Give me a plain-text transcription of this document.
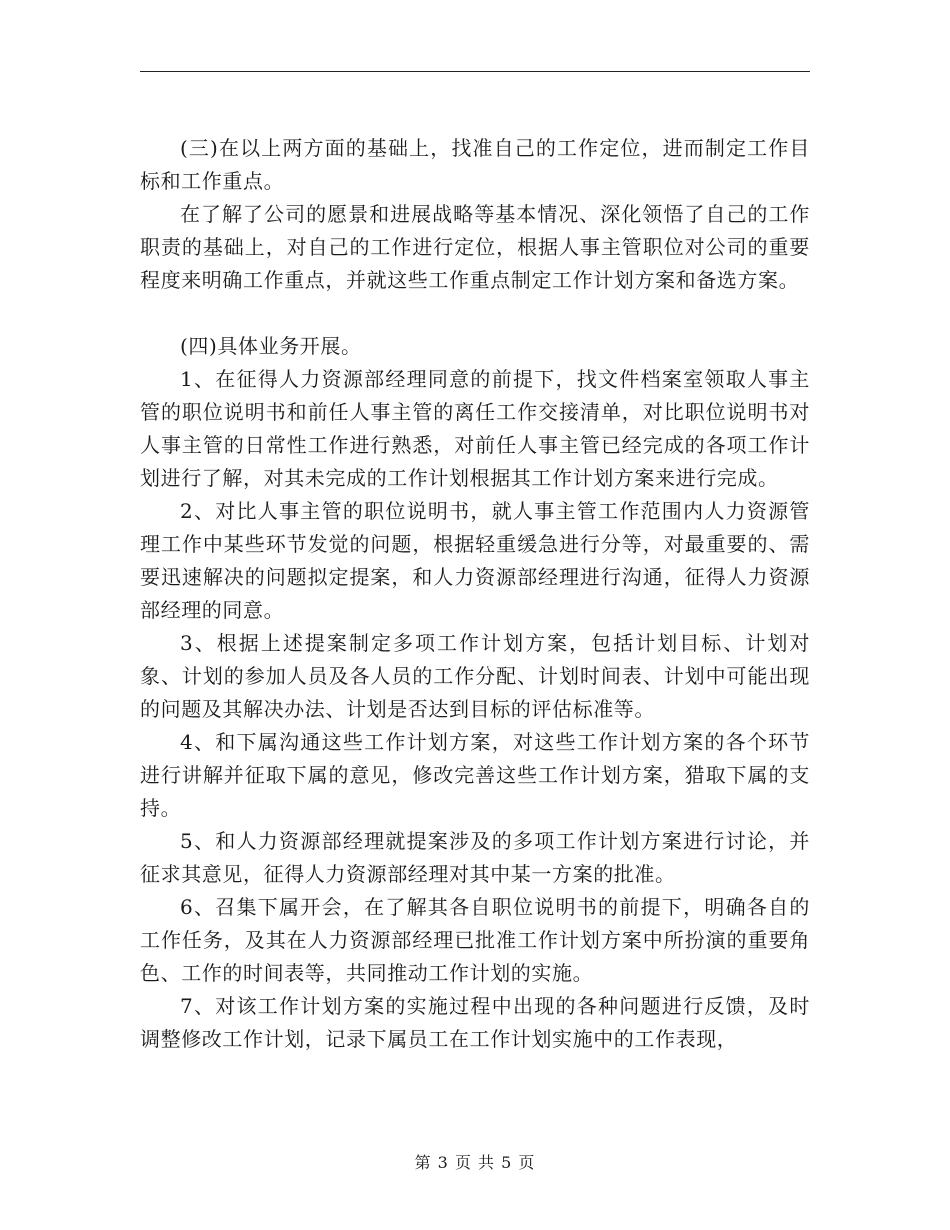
(三)在以上两方面的基础上，找准自己的工作定位，进而制定工作目标和工作重点。

在了解了公司的愿景和进展战略等基本情况、深化领悟了自己的工作职责的基础上，对自己的工作进行定位，根据人事主管职位对公司的重要程度来明确工作重点，并就这些工作重点制定工作计划方案和备选方案。

(四)具体业务开展。

1、在征得人力资源部经理同意的前提下，找文件档案室领取人事主管的职位说明书和前任人事主管的离任工作交接清单，对比职位说明书对人事主管的日常性工作进行熟悉，对前任人事主管已经完成的各项工作计划进行了解，对其未完成的工作计划根据其工作计划方案来进行完成。

2、对比人事主管的职位说明书，就人事主管工作范围内人力资源管理工作中某些环节发觉的问题，根据轻重缓急进行分等，对最重要的、需要迅速解决的问题拟定提案，和人力资源部经理进行沟通，征得人力资源部经理的同意。

3、根据上述提案制定多项工作计划方案，包括计划目标、计划对象、计划的参加人员及各人员的工作分配、计划时间表、计划中可能出现的问题及其解决办法、计划是否达到目标的评估标准等。

4、和下属沟通这些工作计划方案，对这些工作计划方案的各个环节进行讲解并征取下属的意见，修改完善这些工作计划方案，猎取下属的支持。

5、和人力资源部经理就提案涉及的多项工作计划方案进行讨论，并征求其意见，征得人力资源部经理对其中某一方案的批准。

6、召集下属开会，在了解其各自职位说明书的前提下，明确各自的工作任务，及其在人力资源部经理已批准工作计划方案中所扮演的重要角色、工作的时间表等，共同推动工作计划的实施。

7、对该工作计划方案的实施过程中出现的各种问题进行反馈，及时调整修改工作计划，记录下属员工在工作计划实施中的工作表现，

第 3 页 共 5 页
